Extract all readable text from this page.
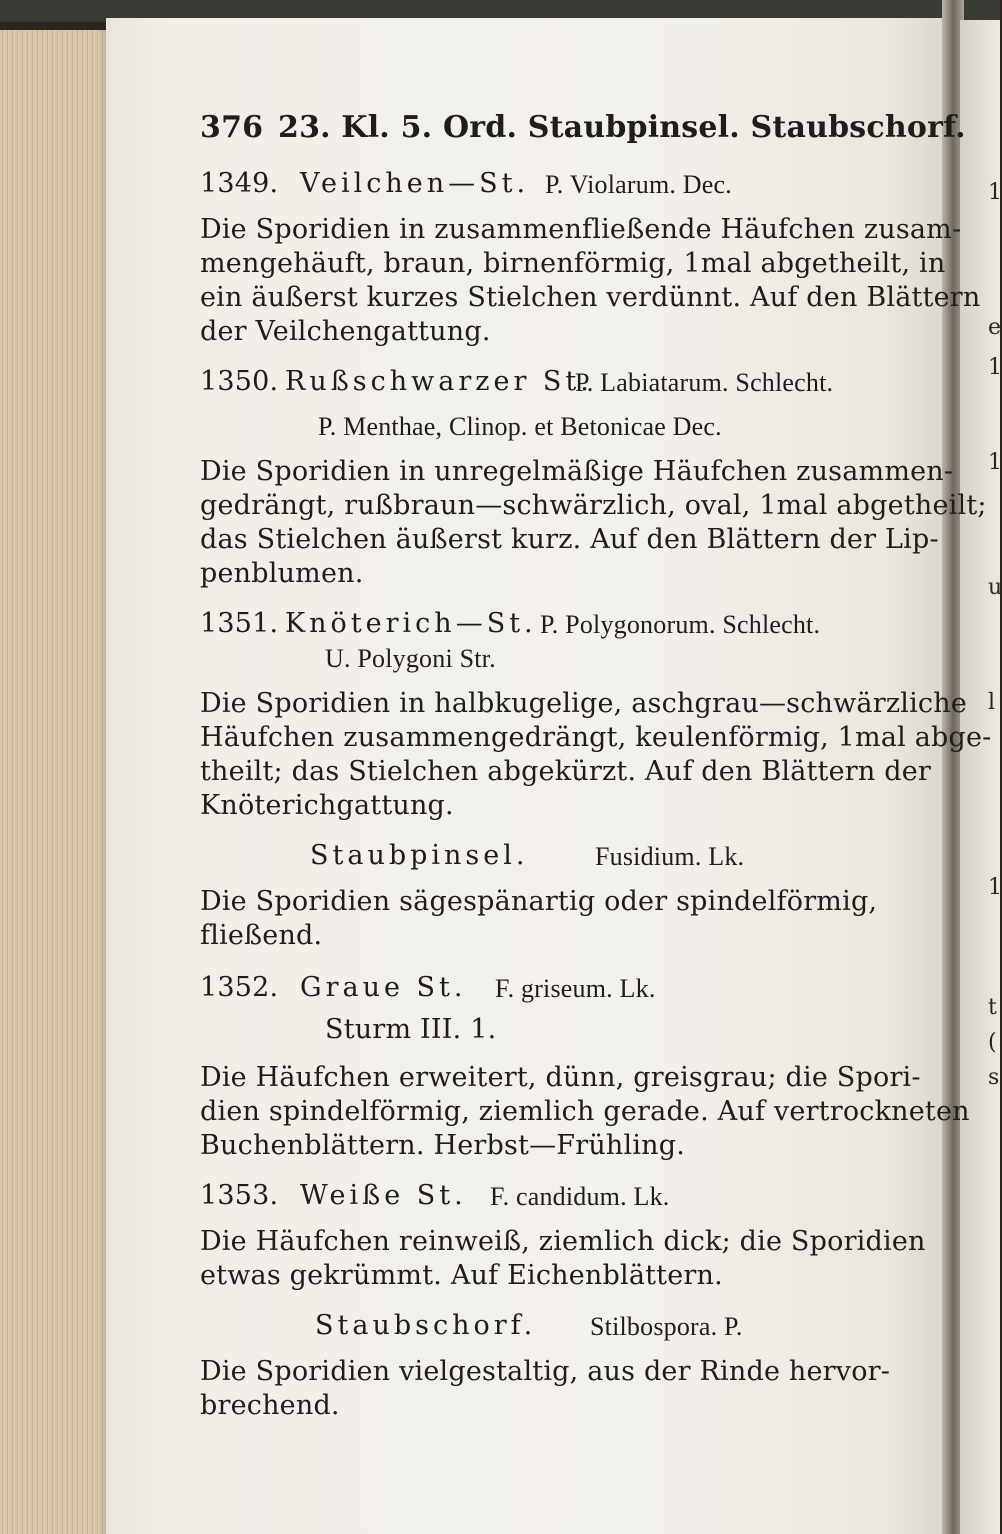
1
e
1
1
u
l
1
t
(
s
376 23. Kl. 5. Ord. Staubpinsel. Staubschorf.
1349. Veilchen—St. P. Violarum. Dec.
Die Sporidien in zusammenfließende Häufchen zusam-
mengehäuft, braun, birnenförmig, 1mal abgetheilt, in
ein äußerst kurzes Stielchen verdünnt. Auf den Blättern
der Veilchengattung.
1350. Rußschwarzer St.
P. Labiatarum. Schlecht.
P. Menthae, Clinop. et Betonicae Dec.
Die Sporidien in unregelmäßige Häufchen zusammen-
gedrängt, rußbraun—schwärzlich, oval, 1mal abgetheilt;
das Stielchen äußerst kurz. Auf den Blättern der Lip-
penblumen.
1351. Knöterich—St. P. Polygonorum. Schlecht.
U. Polygoni Str.
Die Sporidien in halbkugelige, aschgrau—schwärzliche
Häufchen zusammengedrängt, keulenförmig, 1mal abge-
theilt; das Stielchen abgekürzt. Auf den Blättern der
Knöterichgattung.
Staubpinsel.	Fusidium. Lk.
Die Sporidien sägespänartig oder spindelförmig,
fließend.
1352. Graue St. F. griseum. Lk.
Sturm III. 1.
Die Häufchen erweitert, dünn, greisgrau; die Spori-
dien spindelförmig, ziemlich gerade. Auf vertrockneten
Buchenblättern. Herbst—Frühling.
1353. Weiße St. F. candidum. Lk.
Die Häufchen reinweiß, ziemlich dick; die Sporidien
etwas gekrümmt. Auf Eichenblättern.
Staubschorf. Stilbospora. P.
Die Sporidien vielgestaltig, aus der Rinde hervor-
brechend.
